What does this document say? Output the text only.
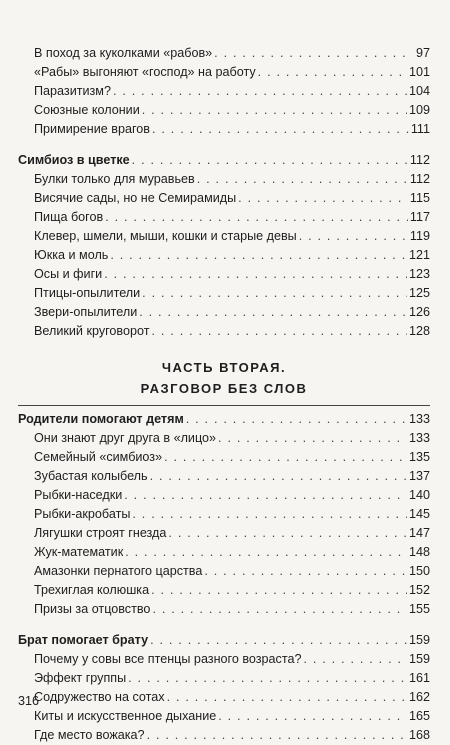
В поход за куколками «рабов» . . .	97
«Рабы» выгоняют «господ» на работу . . .	101
Паразитизм? . . .	104
Союзные колонии . . .	109
Примирение врагов . . .	111
Симбиоз в цветке . . .	112
Булки только для муравьев . . .	112
Висячие сады, но не Семирамиды . . .	115
Пища богов . . .	117
Клевер, шмели, мыши, кошки и старые девы . . .	119
Юкка и моль . . .	121
Осы и фиги . . .	123
Птицы-опылители . . .	125
Звери-опылители . . .	126
Великий круговорот . . .	128
ЧАСТЬ ВТОРАЯ.
РАЗГОВОР БЕЗ СЛОВ
Родители помогают детям . . .	133
Они знают друг друга в «лицо» . . .	133
Семейный «симбиоз» . . .	135
Зубастая колыбель . . .	137
Рыбки-наседки . . .	140
Рыбки-акробаты . . .	145
Лягушки строят гнезда . . .	147
Жук-математик . . .	148
Амазонки пернатого царства . . .	150
Трехиглая колюшка . . .	152
Призы за отцовство . . .	155
Брат помогает брату . . .	159
Почему у совы все птенцы разного возраста? . . .	159
Эффект группы . . .	161
Содружество на сотах . . .	162
Киты и искусственное дыхание . . .	165
Где место вожака? . . .	168
316
